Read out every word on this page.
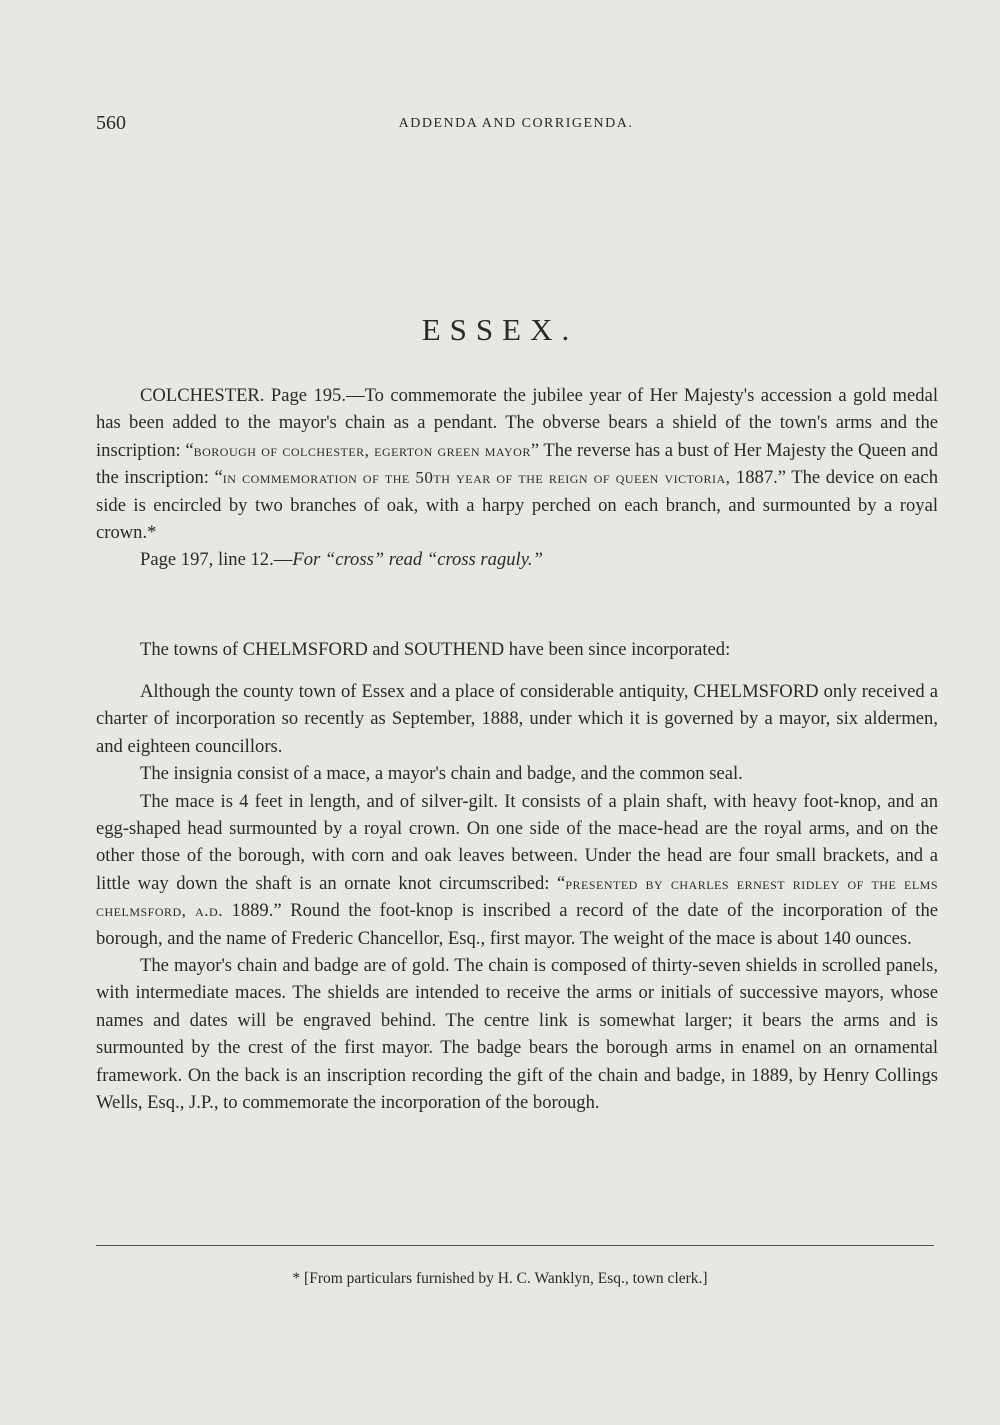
560	ADDENDA AND CORRIGENDA.
ESSEX.

COLCHESTER. Page 195.—To commemorate the jubilee year of Her Majesty's accession a gold medal has been added to the mayor's chain as a pendant. The obverse bears a shield of the town's arms and the inscription: “borough of colchester, egerton green mayor” The reverse has a bust of Her Majesty the Queen and the inscription: “in commemoration of the 50th year of the reign of queen victoria, 1887.” The device on each side is encircled by two branches of oak, with a harpy perched on each branch, and surmounted by a royal crown.*

Page 197, line 12.—For “cross” read “cross raguly.”

The towns of CHELMSFORD and SOUTHEND have been since incorporated:

Although the county town of Essex and a place of considerable antiquity, CHELMSFORD only received a charter of incorporation so recently as September, 1888, under which it is governed by a mayor, six aldermen, and eighteen councillors.

The insignia consist of a mace, a mayor's chain and badge, and the common seal.

The mace is 4 feet in length, and of silver-gilt. It consists of a plain shaft, with heavy foot-knop, and an egg-shaped head surmounted by a royal crown. On one side of the mace-head are the royal arms, and on the other those of the borough, with corn and oak leaves between. Under the head are four small brackets, and a little way down the shaft is an ornate knot circumscribed: “presented by charles ernest ridley of the elms chelmsford, a.d. 1889.” Round the foot-knop is inscribed a record of the date of the incorporation of the borough, and the name of Frederic Chancellor, Esq., first mayor. The weight of the mace is about 140 ounces.

The mayor's chain and badge are of gold. The chain is composed of thirty-seven shields in scrolled panels, with intermediate maces. The shields are intended to receive the arms or initials of successive mayors, whose names and dates will be engraved behind. The centre link is somewhat larger; it bears the arms and is surmounted by the crest of the first mayor. The badge bears the borough arms in enamel on an ornamental framework. On the back is an inscription recording the gift of the chain and badge, in 1889, by Henry Collings Wells, Esq., J.P., to commemorate the incorporation of the borough.

* [From particulars furnished by H. C. Wanklyn, Esq., town clerk.]
